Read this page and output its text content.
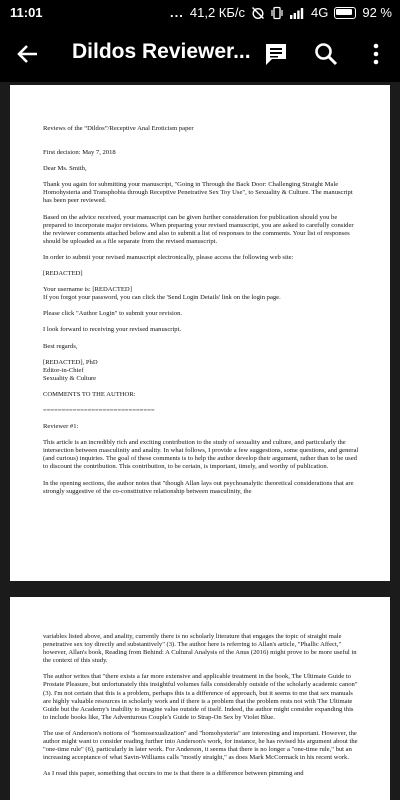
11:01	... 41,2 КБ/с	4G	92 %
Dildos Reviewer...

Reviews of the “Dildos”/Receptive Anal Eroticism paper

First decision: May 7, 2018

Dear Ms. Smith,

Thank you again for submitting your manuscript, "Going in Through the Back Door: Challenging Straight Male Homohysteria and Transphobia through Receptive Penetrative Sex Toy Use", to Sexuality & Culture. The manuscript has been peer reviewed.

Based on the advice received, your manuscript can be given further consideration for publication should you be prepared to incorporate major revisions. When preparing your revised manuscript, you are asked to carefully consider the reviewer comments attached below and also to submit a list of responses to the comments. Your list of responses should be uploaded as a file separate from the revised manuscript.

In order to submit your revised manuscript electronically, please access the following web site:

[REDACTED]

Your username is: [REDACTED]

If you forgot your password, you can click the 'Send Login Details' link on the login page.

Please click "Author Login" to submit your revision.

I look forward to receiving your revised manuscript.

Best regards,

[REDACTED], PhD

Editor-in-Chief

Sexuality & Culture

COMMENTS TO THE AUTHOR:

==============================

Reviewer #1:

This article is an incredibly rich and exciting contribution to the study of sexuality and culture, and particularly the intersection between masculinity and anality. In what follows, I provide a few suggestions, some questions, and general (and curious) inquiries. The goal of these comments is to help the author develop their argument, rather than to be used to discount the contribution. This contribution, to be certain, is important, timely, and worthy of publication.

In the opening sections, the author notes that "though Allan lays out psychoanalytic theoretical considerations that are strongly suggestive of the co-constitutive relationship between masculinity, the

variables listed above, and anality, currently there is no scholarly literature that engages the topic of straight male penetrative sex toy directly and substantively" (3). The author here is referring to Allan's article, "Phallic Affect," however, Allan's book, Reading from Behind: A Cultural Analysis of the Anus (2016) might prove to be more useful in the context of this study.

The author writes that "there exists a far more extensive and applicable treatment in the book, The Ultimate Guide to Prostate Pleasure, but unfortunately this insightful volumes falls considerably outside of the scholarly academic canon" (3). I'm not certain that this is a problem, perhaps this is a difference of approach, but it seems to me that sex manuals are highly valuable resources in scholarly work and if there is a problem that the problem rests not with The Ultimate Guide but the Academy's inability to imagine value outside of itself. Indeed, the author might consider expanding this to include books like, The Adventurous Couple's Guide to Strap-On Sex by Violet Blue.

The use of Anderson's notions of "homosexualization" and "homohysteria" are interesting and important. However, the author might want to consider reading further into Anderson's work, for instance, he has revised his argument about the "one-time rule" (6), particularly in later work. For Anderson, it seems that there is no longer a "one-time rule," but an increasing acceptance of what Savin-Williams calls "mostly straight," as does Mark McCormack in his recent work.

As I read this paper, something that occurs to me is that there is a difference between pimming and
